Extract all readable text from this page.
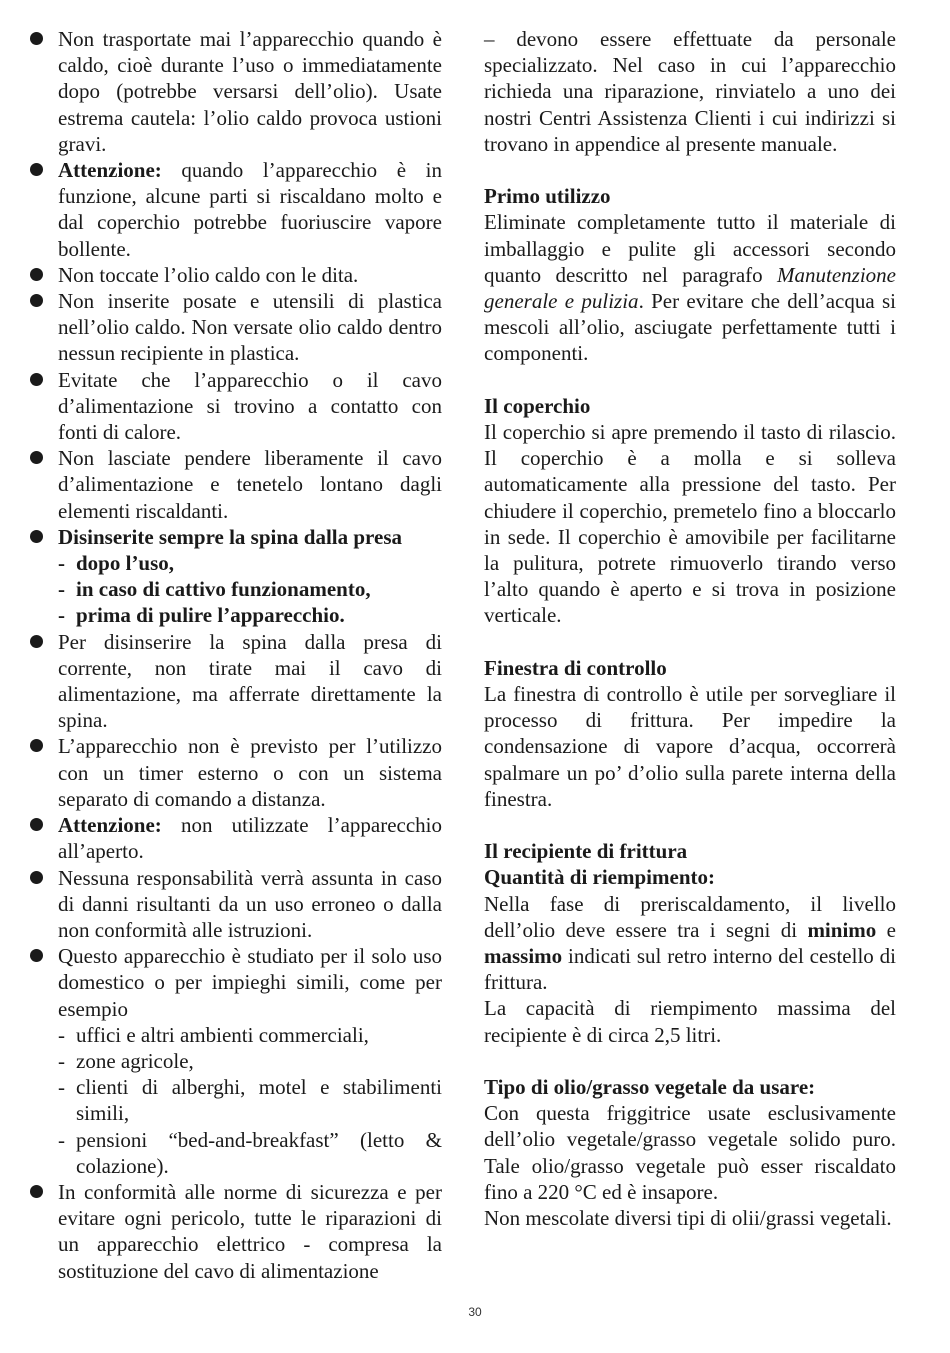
Non trasportate mai l’apparecchio quando è caldo, cioè durante l’uso o immediatamente dopo (potrebbe versarsi dell’olio). Usate estrema cautela: l’olio caldo provoca ustioni gravi.
Attenzione: quando l’apparecchio è in funzione, alcune parti si riscaldano molto e dal coperchio potrebbe fuoriuscire vapore bollente.
Non toccate l’olio caldo con le dita.
Non inserite posate e utensili di plastica nell’olio caldo. Non versate olio caldo dentro nessun recipiente in plastica.
Evitate che l’apparecchio o il cavo d’alimentazione si trovino a contatto con fonti di calore.
Non lasciate pendere liberamente il cavo d’alimentazione e tenetelo lontano dagli elementi riscaldanti.
Disinserite sempre la spina dalla presa
- dopo l’uso,
- in caso di cattivo funzionamento,
- prima di pulire l’apparecchio.
Per disinserire la spina dalla presa di corrente, non tirate mai il cavo di alimentazione, ma afferrate direttamente la spina.
L’apparecchio non è previsto per l’utilizzo con un timer esterno o con un sistema separato di comando a distanza.
Attenzione: non utilizzate l’apparecchio all’aperto.
Nessuna responsabilità verrà assunta in caso di danni risultanti da un uso erroneo o dalla non conformità alle istruzioni.
Questo apparecchio è studiato per il solo uso domestico o per impieghi simili, come per esempio
- uffici e altri ambienti commerciali,
- zone agricole,
- clienti di alberghi, motel e stabilimenti simili,
- pensioni “bed-and-breakfast” (letto & colazione).
In conformità alle norme di sicurezza e per evitare ogni pericolo, tutte le riparazioni di un apparecchio elettrico - compresa la sostituzione del cavo di alimentazione
– devono essere effettuate da personale specializzato. Nel caso in cui l’apparecchio richieda una riparazione, rinviatelo a uno dei nostri Centri Assistenza Clienti i cui indirizzi si trovano in appendice al presente manuale.
Primo utilizzo
Eliminate completamente tutto il materiale di imballaggio e pulite gli accessori secondo quanto descritto nel paragrafo Manutenzione generale e pulizia. Per evitare che dell’acqua si mescoli all’olio, asciugate perfettamente tutti i componenti.
Il coperchio
Il coperchio si apre premendo il tasto di rilascio. Il coperchio è a molla e si solleva automaticamente alla pressione del tasto. Per chiudere il coperchio, premetelo fino a bloccarlo in sede. Il coperchio è amovibile per facilitarne la pulitura, potrete rimuoverlo tirando verso l’alto quando è aperto e si trova in posizione verticale.
Finestra di controllo
La finestra di controllo è utile per sorvegliare il processo di frittura. Per impedire la condensazione di vapore d’acqua, occorrerà spalmare un po’ d’olio sulla parete interna della finestra.
Il recipiente di frittura
Quantità di riempimento:
Nella fase di preriscaldamento, il livello dell’olio deve essere tra i segni di minimo e massimo indicati sul retro interno del cestello di frittura.
La capacità di riempimento massima del recipiente è di circa 2,5 litri.
Tipo di olio/grasso vegetale da usare:
Con questa friggitrice usate esclusivamente dell’olio vegetale/grasso vegetale solido puro. Tale olio/grasso vegetale può esser riscaldato fino a 220 °C ed è insapore.
Non mescolate diversi tipi di olii/grassi vegetali.
30
